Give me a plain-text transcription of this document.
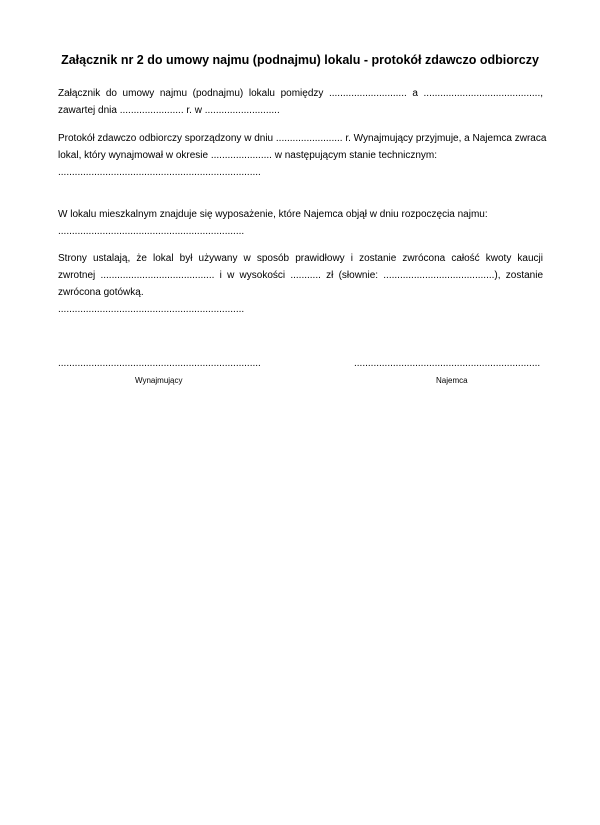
Załącznik nr 2 do umowy najmu (podnajmu) lokalu - protokół zdawczo odbiorczy
Załącznik do umowy najmu (podnajmu) lokalu pomiędzy ............................ a ..........................................,
zawartej dnia ....................... r. w ...........................
Protokół zdawczo odbiorczy sporządzony w dniu ........................ r. Wynajmujący przyjmuje, a Najemca zwraca
lokal, który wynajmował w okresie ...................... w następującym stanie technicznym:
.........................................................................
W lokalu mieszkalnym znajduje się wyposażenie, które Najemca objął w dniu rozpoczęcia najmu:
...................................................................
Strony ustalają, że lokal był używany w sposób prawidłowy i zostanie zwrócona całość kwoty kaucji
zwrotnej ......................................... i w wysokości ........... zł (słownie: ........................................), zostanie
zwrócona gotówką.
...................................................................
.........................................................................	...................................................................
Wynajmujący	Najemca
